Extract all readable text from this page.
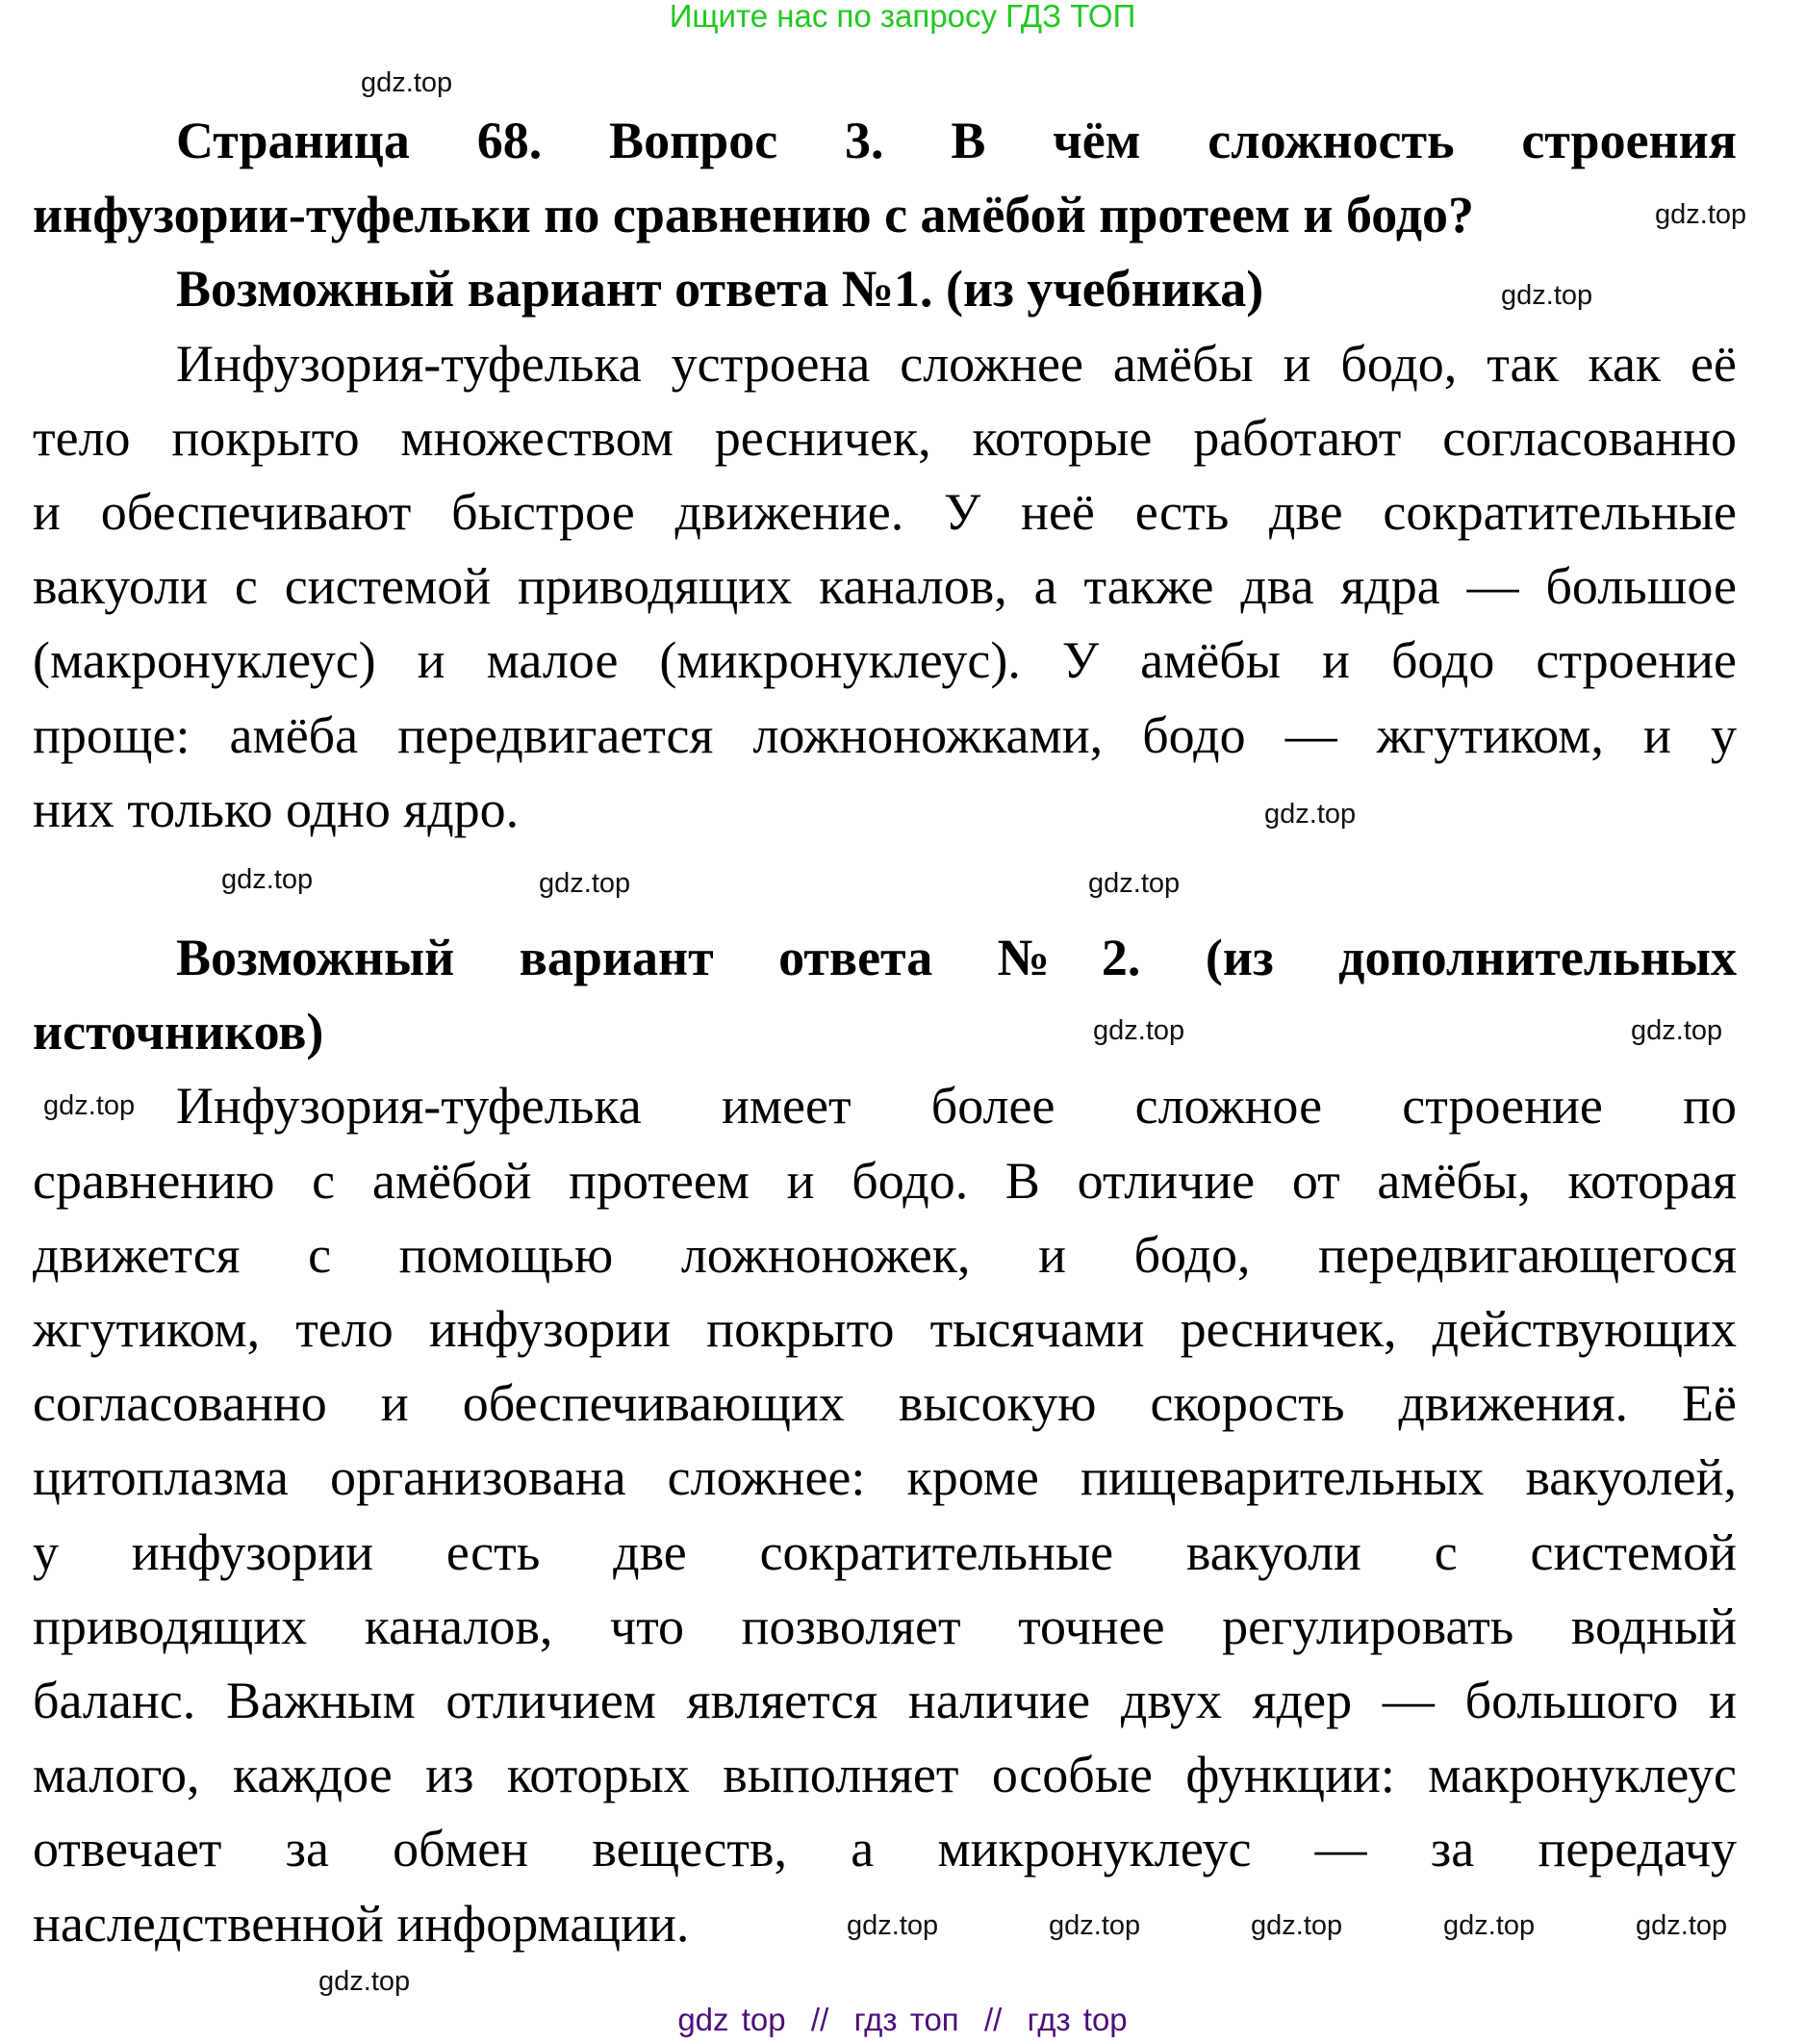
Ищите нас по запросу ГДЗ ТОП
Страница 68. Вопрос 3. В чём сложность строения
инфузории-туфельки по сравнению с амёбой протеем и бодо?
Возможный вариант ответа №1. (из учебника)
Инфузория-туфелька устроена сложнее амёбы и бодо, так как её
тело покрыто множеством ресничек, которые работают согласованно
и обеспечивают быстрое движение. У неё есть две сократительные
вакуоли с системой приводящих каналов, а также два ядра — большое
(макронуклеус) и малое (микронуклеус). У амёбы и бодо строение
проще: амёба передвигается ложноножками, бодо — жгутиком, и у
них только одно ядро.
Возможный вариант ответа №2. (из дополнительных
источников)
Инфузория-туфелька имеет более сложное строение по
сравнению с амёбой протеем и бодо. В отличие от амёбы, которая
движется с помощью ложноножек, и бодо, передвигающегося
жгутиком, тело инфузории покрыто тысячами ресничек, действующих
согласованно и обеспечивающих высокую скорость движения. Её
цитоплазма организована сложнее: кроме пищеварительных вакуолей,
у инфузории есть две сократительные вакуоли с системой
приводящих каналов, что позволяет точнее регулировать водный
баланс. Важным отличием является наличие двух ядер — большого и
малого, каждое из которых выполняет особые функции: макронуклеус
отвечает за обмен веществ, а микронуклеус — за передачу
наследственной информации.
gdz.top
gdz.top
gdz.top
gdz.top
gdz.top
gdz.top	gdz.top
gdz.top
gdz.top
gdz.top
gdz.top
gdz.top	gdz.top
gdz.top	gdz.top
gdz.top
gdz top  //  гдз топ  //  гдз top
